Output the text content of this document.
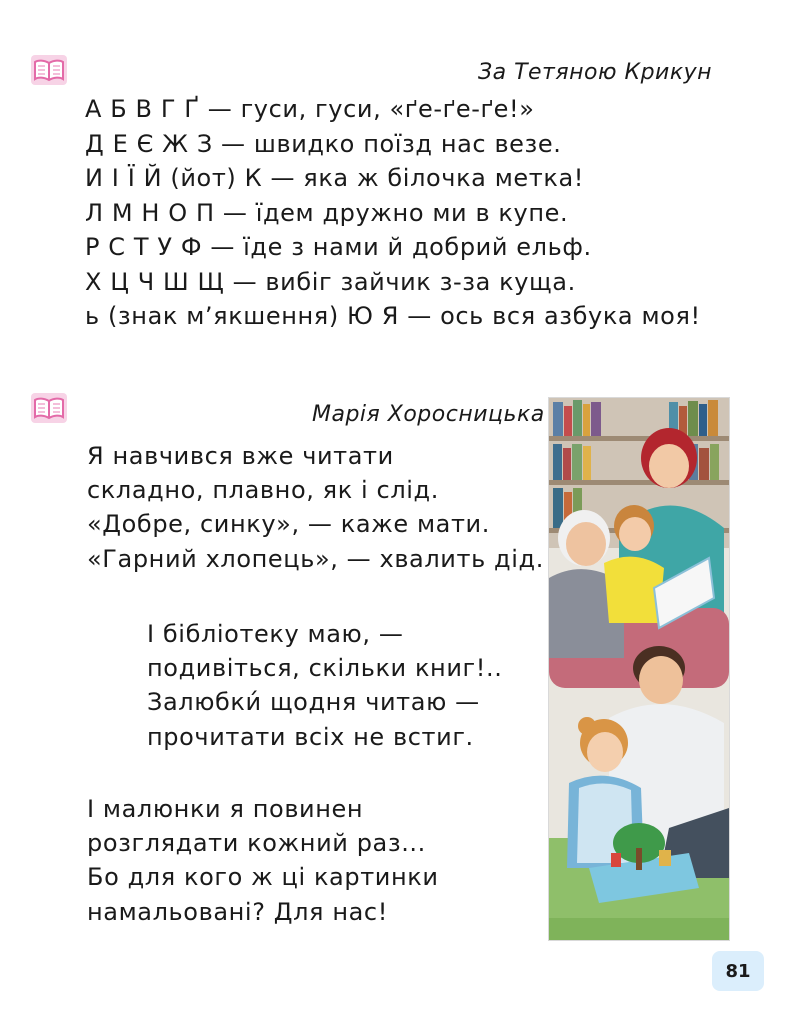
За Тетяною Крикун
А Б В Г Ґ — гуси, гуси, «ґе-ґе-ґе!»
Д Е Є Ж З — швидко поїзд нас везе.
И І Ї Й (йот) К — яка ж білочка метка!
Л М Н О П — їдем дружно ми в купе.
Р С Т У Ф — їде з нами й добрий ельф.
Х Ц Ч Ш Щ — вибіг зайчик з-за куща.
ь (знак м’якшення) Ю Я — ось вся азбука моя!
Марія Хоросницька
Я навчився вже читати
складно, плавно, як і слід.
«Добре, синку», — каже мати.
«Гарний хлопець», — хвалить дід.
І бібліотеку маю, —
подивіться, скільки книг!..
Залюбки́ щодня читаю —
прочитати всіх не встиг.
І малюнки я повинен
розглядати кожний раз...
Бо для кого ж ці картинки
намальовані? Для нас!
81
